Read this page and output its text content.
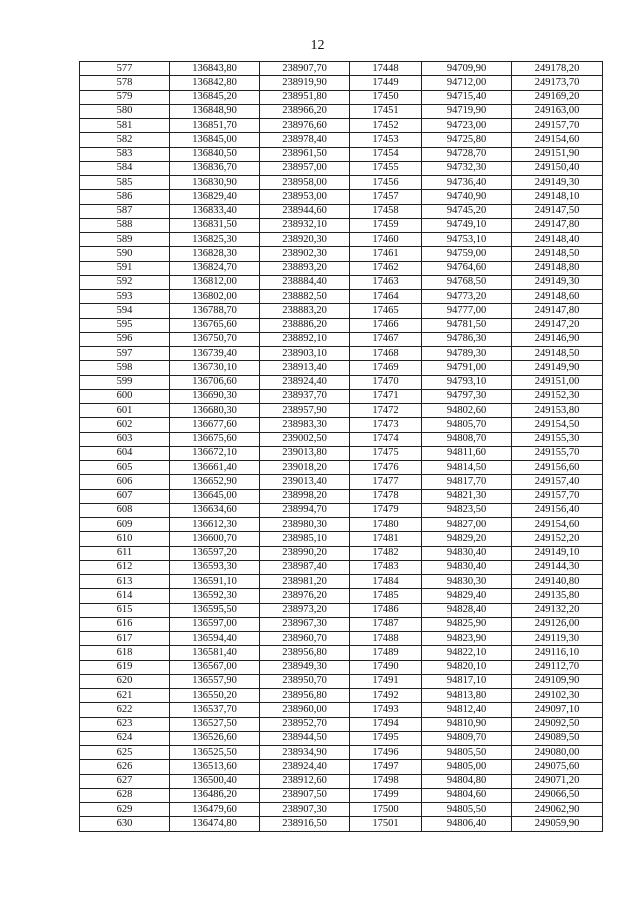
12
577	136843,80	238907,70	17448	94709,90	249178,20
578	136842,80	238919,90	17449	94712,00	249173,70
579	136845,20	238951,80	17450	94715,40	249169,20
580	136848,90	238966,20	17451	94719,90	249163,00
581	136851,70	238976,60	17452	94723,00	249157,70
582	136845,00	238978,40	17453	94725,80	249154,60
583	136840,50	238961,50	17454	94728,70	249151,90
584	136836,70	238957,00	17455	94732,30	249150,40
585	136830,90	238958,00	17456	94736,40	249149,30
586	136829,40	238953,00	17457	94740,90	249148,10
587	136833,40	238944,60	17458	94745,20	249147,50
588	136831,50	238932,10	17459	94749,10	249147,80
589	136825,30	238920,30	17460	94753,10	249148,40
590	136828,30	238902,30	17461	94759,00	249148,50
591	136824,70	238893,20	17462	94764,60	249148,80
592	136812,00	238884,40	17463	94768,50	249149,30
593	136802,00	238882,50	17464	94773,20	249148,60
594	136788,70	238883,20	17465	94777,00	249147,80
595	136765,60	238886,20	17466	94781,50	249147,20
596	136750,70	238892,10	17467	94786,30	249146,90
597	136739,40	238903,10	17468	94789,30	249148,50
598	136730,10	238913,40	17469	94791,00	249149,90
599	136706,60	238924,40	17470	94793,10	249151,00
600	136690,30	238937,70	17471	94797,30	249152,30
601	136680,30	238957,90	17472	94802,60	249153,80
602	136677,60	238983,30	17473	94805,70	249154,50
603	136675,60	239002,50	17474	94808,70	249155,30
604	136672,10	239013,80	17475	94811,60	249155,70
605	136661,40	239018,20	17476	94814,50	249156,60
606	136652,90	239013,40	17477	94817,70	249157,40
607	136645,00	238998,20	17478	94821,30	249157,70
608	136634,60	238994,70	17479	94823,50	249156,40
609	136612,30	238980,30	17480	94827,00	249154,60
610	136600,70	238985,10	17481	94829,20	249152,20
611	136597,20	238990,20	17482	94830,40	249149,10
612	136593,30	238987,40	17483	94830,40	249144,30
613	136591,10	238981,20	17484	94830,30	249140,80
614	136592,30	238976,20	17485	94829,40	249135,80
615	136595,50	238973,20	17486	94828,40	249132,20
616	136597,00	238967,30	17487	94825,90	249126,00
617	136594,40	238960,70	17488	94823,90	249119,30
618	136581,40	238956,80	17489	94822,10	249116,10
619	136567,00	238949,30	17490	94820,10	249112,70
620	136557,90	238950,70	17491	94817,10	249109,90
621	136550,20	238956,80	17492	94813,80	249102,30
622	136537,70	238960,00	17493	94812,40	249097,10
623	136527,50	238952,70	17494	94810,90	249092,50
624	136526,60	238944,50	17495	94809,70	249089,50
625	136525,50	238934,90	17496	94805,50	249080,00
626	136513,60	238924,40	17497	94805,00	249075,60
627	136500,40	238912,60	17498	94804,80	249071,20
628	136486,20	238907,50	17499	94804,60	249066,50
629	136479,60	238907,30	17500	94805,50	249062,90
630	136474,80	238916,50	17501	94806,40	249059,90
